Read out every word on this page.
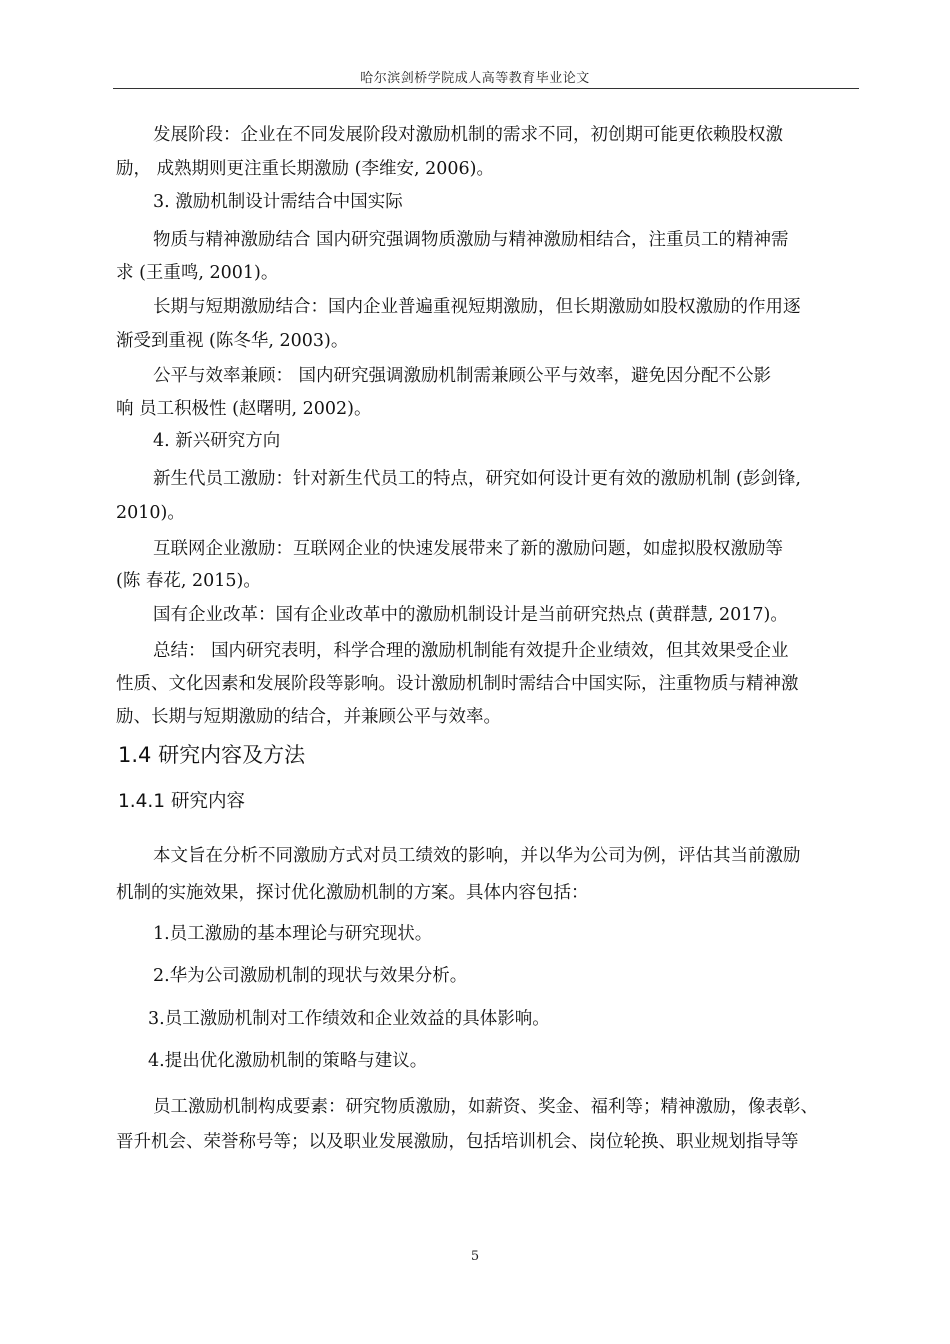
哈尔滨剑桥学院成人高等教育毕业论文
发展阶段：企业在不同发展阶段对激励机制的需求不同，初创期可能更依赖股权激
励， 成熟期则更注重长期激励 (李维安, 2006)。
3. 激励机制设计需结合中国实际
物质与精神激励结合 国内研究强调物质激励与精神激励相结合，注重员工的精神需
求 (王重鸣, 2001)。
长期与短期激励结合：国内企业普遍重视短期激励，但长期激励如股权激励的作用逐
渐受到重视 (陈冬华, 2003)。
公平与效率兼顾： 国内研究强调激励机制需兼顾公平与效率，避免因分配不公影
响 员工积极性 (赵曙明, 2002)。
4. 新兴研究方向
新生代员工激励：针对新生代员工的特点，研究如何设计更有效的激励机制 (彭剑锋,
2010)。
互联网企业激励：互联网企业的快速发展带来了新的激励问题，如虚拟股权激励等
(陈 春花, 2015)。
国有企业改革：国有企业改革中的激励机制设计是当前研究热点 (黄群慧, 2017)。
总结： 国内研究表明，科学合理的激励机制能有效提升企业绩效，但其效果受企业
性质、文化因素和发展阶段等影响。设计激励机制时需结合中国实际，注重物质与精神激
励、长期与短期激励的结合，并兼顾公平与效率。
1.4 研究内容及方法
1.4.1 研究内容
本文旨在分析不同激励方式对员工绩效的影响，并以华为公司为例，评估其当前激励
机制的实施效果，探讨优化激励机制的方案。具体内容包括：
1.员工激励的基本理论与研究现状。
2.华为公司激励机制的现状与效果分析。
3.员工激励机制对工作绩效和企业效益的具体影响。
4.提出优化激励机制的策略与建议。
员工激励机制构成要素：研究物质激励，如薪资、奖金、福利等；精神激励，像表彰、
晋升机会、荣誉称号等；以及职业发展激励，包括培训机会、岗位轮换、职业规划指导等
5
